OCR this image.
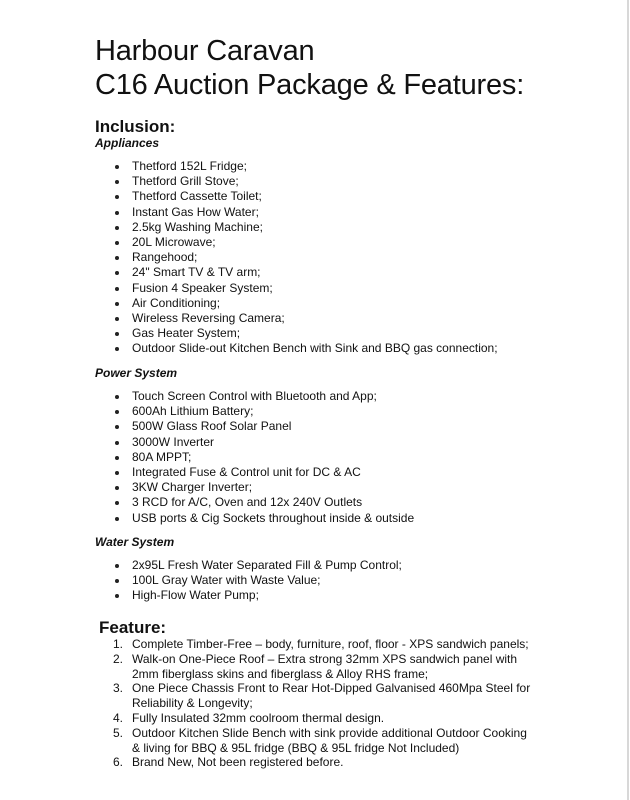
Harbour Caravan
C16 Auction Package & Features:
Inclusion:
Appliances
Thetford 152L Fridge;
Thetford Grill Stove;
Thetford Cassette Toilet;
Instant Gas How Water;
2.5kg Washing Machine;
20L Microwave;
Rangehood;
24" Smart TV & TV arm;
Fusion 4 Speaker System;
Air Conditioning;
Wireless Reversing Camera;
Gas Heater System;
Outdoor Slide-out Kitchen Bench with Sink and BBQ gas connection;
Power System
Touch Screen Control with Bluetooth and App;
600Ah Lithium Battery;
500W Glass Roof Solar Panel
3000W Inverter
80A MPPT;
Integrated Fuse & Control unit for DC & AC
3KW Charger Inverter;
3 RCD for A/C, Oven and 12x 240V Outlets
USB ports & Cig Sockets throughout inside & outside
Water System
2x95L Fresh Water Separated Fill & Pump Control;
100L Gray Water with Waste Value;
High-Flow Water Pump;
Feature:
1. Complete Timber-Free – body, furniture, roof, floor - XPS sandwich panels;
2. Walk-on One-Piece Roof – Extra strong 32mm XPS sandwich panel with 2mm fiberglass skins and fiberglass & Alloy RHS frame;
3. One Piece Chassis Front to Rear Hot-Dipped Galvanised 460Mpa Steel for Reliability & Longevity;
4. Fully Insulated 32mm coolroom thermal design.
5. Outdoor Kitchen Slide Bench with sink provide additional Outdoor Cooking & living for BBQ & 95L fridge (BBQ & 95L fridge Not Included)
6. Brand New, Not been registered before.
